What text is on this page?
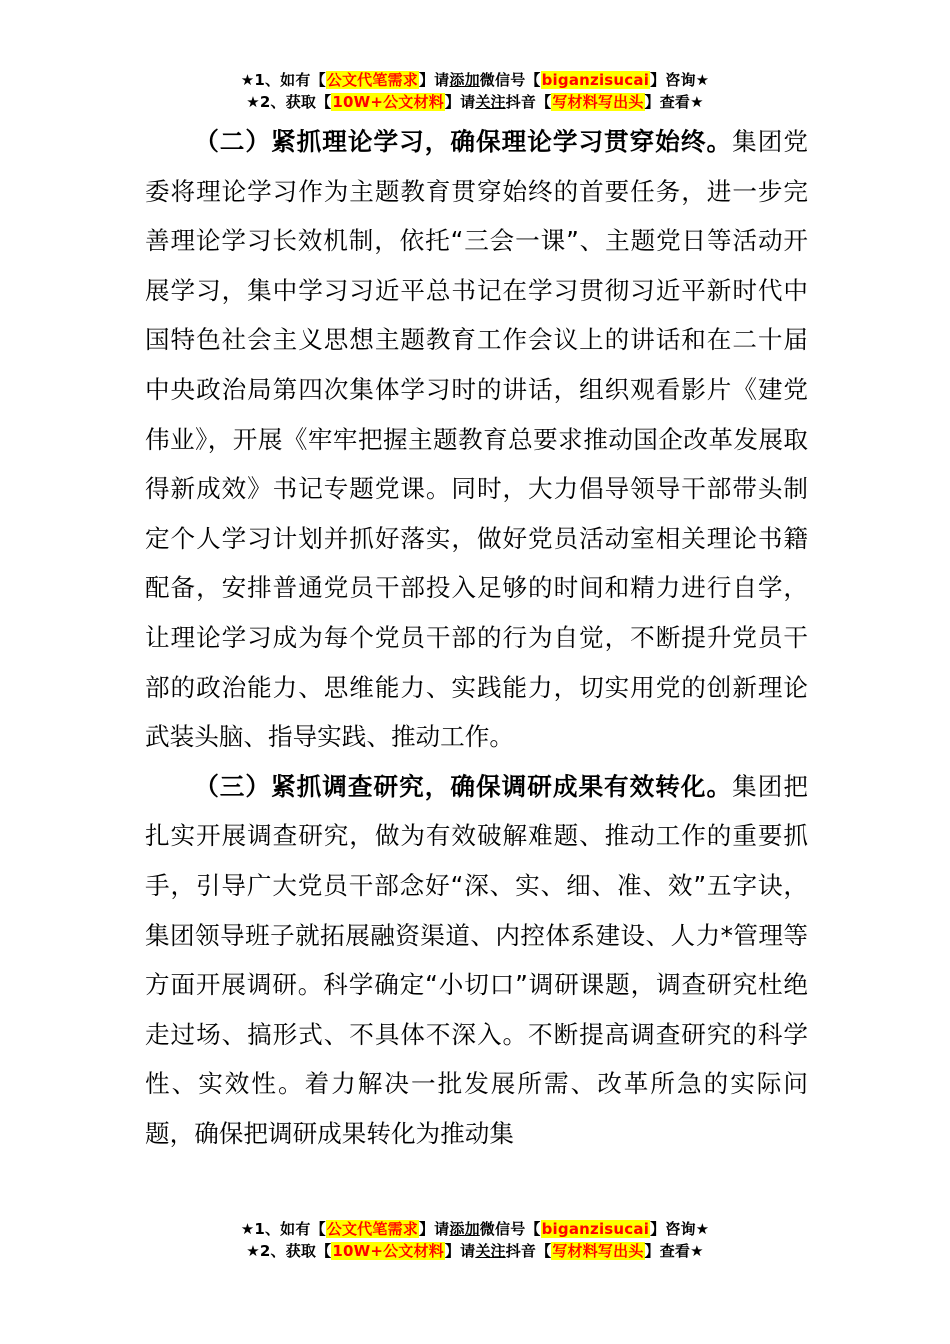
★1、如有【公文代笔需求】请添加微信号【biganzisucai】咨询★
★2、获取【10W+公文材料】请关注抖音【写材料写出头】查看★

（二）紧抓理论学习，确保理论学习贯穿始终。集团党委将理论学习作为主题教育贯穿始终的首要任务，进一步完善理论学习长效机制，依托“三会一课”、主题党日等活动开展学习，集中学习习近平总书记在学习贯彻习近平新时代中国特色社会主义思想主题教育工作会议上的讲话和在二十届中央政治局第四次集体学习时的讲话，组织观看影片《建党伟业》，开展《牢牢把握主题教育总要求推动国企改革发展取得新成效》书记专题党课。同时，大力倡导领导干部带头制定个人学习计划并抓好落实，做好党员活动室相关理论书籍配备，安排普通党员干部投入足够的时间和精力进行自学，让理论学习成为每个党员干部的行为自觉，不断提升党员干部的政治能力、思维能力、实践能力，切实用党的创新理论武装头脑、指导实践、推动工作。

（三）紧抓调查研究，确保调研成果有效转化。集团把扎实开展调查研究，做为有效破解难题、推动工作的重要抓手，引导广大党员干部念好“深、实、细、准、效”五字诀，集团领导班子就拓展融资渠道、内控体系建设、人力*管理等方面开展调研。科学确定“小切口”调研课题，调查研究杜绝走过场、搞形式、不具体不深入。不断提高调查研究的科学性、实效性。着力解决一批发展所需、改革所急的实际问题，确保把调研成果转化为推动集

★1、如有【公文代笔需求】请添加微信号【biganzisucai】咨询★
★2、获取【10W+公文材料】请关注抖音【写材料写出头】查看★
